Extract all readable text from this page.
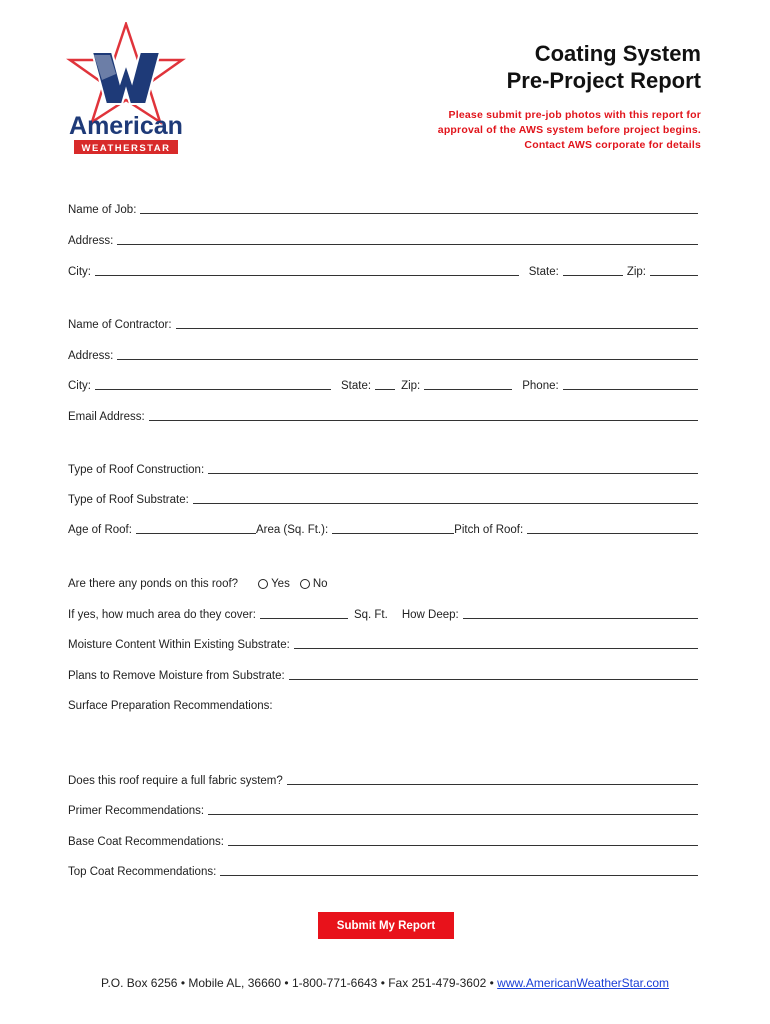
American
WEATHERSTAR
Coating System
Pre-Project Report
Please submit pre-job photos with this report for
approval of the AWS system before project begins.
Contact AWS corporate for details
Name of Job:
Address:
City:	State:	Zip:
Name of Contractor:
Address:
City:	State:	Zip:	Phone:
Email Address:
Type of Roof Construction:
Type of Roof Substrate:
Age of Roof:	Area (Sq. Ft.):	Pitch of Roof:
Are there any ponds on this roof?	Yes No
If yes, how much area do they cover:	Sq. Ft.	How Deep:
Moisture Content Within Existing Substrate:
Plans to Remove Moisture from Substrate:
Surface Preparation Recommendations:
Does this roof require a full fabric system?
Primer Recommendations:
Base Coat Recommendations:
Top Coat Recommendations:
Submit My Report
P.O. Box 6256 • Mobile AL, 36660 • 1-800-771-6643 • Fax 251-479-3602 • www.AmericanWeatherStar.com
